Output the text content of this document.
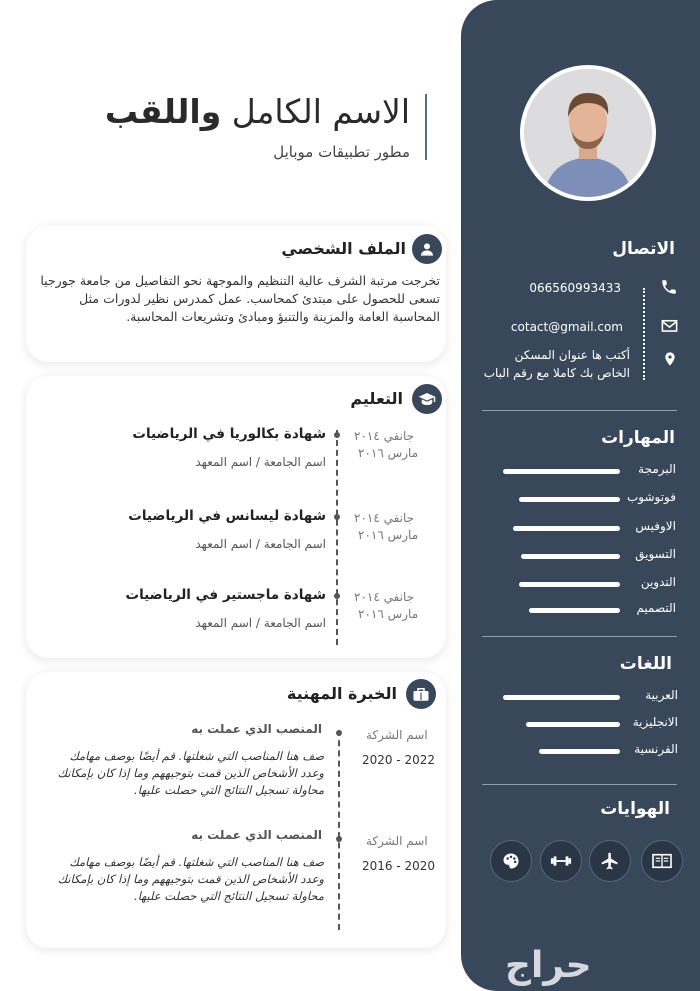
الاتصال
066560993433
cotact@gmail.com
أكتب ها عنوان المسكن
الخاص بك كاملا مع رقم الباب
المهارات
البرمجة
فوتوشوب
الاوفيس
التسويق
التدوين
التصميم
اللغات
العربية
الانجليزية
الفرنسية
الهوايات
الاسم الكامل واللقب
مطور تطبيقات موبايل
الملف الشخصي
تخرجت مرتبة الشرف عالية التنظيم والموجهة نحو التفاصيل من جامعة جورجيا تسعى للحصول على مبتدئ كمحاسب. عمل كمدرس نظير لدورات مثل المحاسبة العامة والمزينة والتنبؤ ومبادئ وتشريعات المحاسبة.
التعليم
شهادة بكالوريا في الرياضيات
اسم الجامعة / اسم المعهد
جانفي ٢٠١٤
مارس ٢٠١٦
شهادة ليسانس في الرياضيات
اسم الجامعة / اسم المعهد
جانفي ٢٠١٤
مارس ٢٠١٦
شهادة ماجستير في الرياضيات
اسم الجامعة / اسم المعهد
جانفي ٢٠١٤
مارس ٢٠١٦
الخبرة المهنية
المنصب الذي عملت به
صف هنا المناصب التي شغلتها. قم أيضًا بوصف مهامك وعدد الأشخاص الذين قمت بتوجيههم وما إذا كان بإمكانك محاولة تسجيل النتائج التي حصلت عليها.
اسم الشركة
2020 - 2022
المنصب الذي عملت به
صف هنا المناصب التي شغلتها. قم أيضًا بوصف مهامك وعدد الأشخاص الذين قمت بتوجيههم وما إذا كان بإمكانك محاولة تسجيل النتائج التي حصلت عليها.
اسم الشركة
2016 - 2020
حراج
